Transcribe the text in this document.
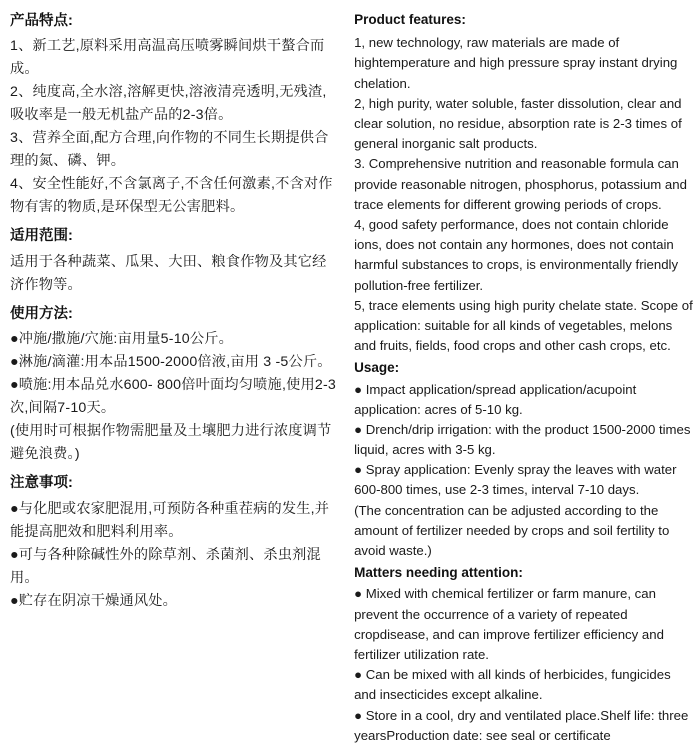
产品特点:

1、新工艺,原料采用高温高压喷雾瞬间烘干螯合而成。

2、纯度高,全水溶,溶解更快,溶液清亮透明,无残渣,吸收率是一般无机盐产品的2-3倍。

3、营养全面,配方合理,向作物的不同生长期提供合理的氮、磷、钾。

4、安全性能好,不含氯离子,不含任何激素,不含对作物有害的物质,是环保型无公害肥料。

适用范围:

适用于各种蔬菜、瓜果、大田、粮食作物及其它经济作物等。

使用方法:

●冲施/撒施/穴施:亩用量5-10公斤。

●淋施/滴灌:用本品1500-2000倍液,亩用 3 -5公斤。

●喷施:用本品兑水600- 800倍叶面均匀喷施,使用2-3次,间隔7-10天。

(使用时可根据作物需肥量及土壤肥力进行浓度调节避免浪费。)

注意事项:

●与化肥或农家肥混用,可预防各种重茬病的发生,并能提高肥效和肥料利用率。

●可与各种除碱性外的除草剂、杀菌剂、杀虫剂混用。

●贮存在阴凉干燥通风处。

Product features:

1, new technology, raw materials are made of hightemperature and high pressure spray instant drying chelation.

2, high purity, water soluble, faster dissolution, clear and clear solution, no residue, absorption rate is 2-3 times of general inorganic salt products.

3. Comprehensive nutrition and reasonable formula can provide reasonable nitrogen, phosphorus, potassium and trace elements for different growing periods of crops.

4, good safety performance, does not contain chloride ions, does not contain any hormones, does not contain harmful substances to crops, is environmentally friendly pollution-free fertilizer.

5, trace elements using high purity chelate state. Scope of application: suitable for all kinds of vegetables, melons and fruits, fields, food crops and other cash crops, etc.

Usage:

● Impact application/spread application/acupoint application: acres of 5-10 kg.

● Drench/drip irrigation: with the product 1500-2000 times liquid, acres with 3-5 kg.

● Spray application: Evenly spray the leaves with water 600-800 times, use 2-3 times, interval 7-10 days.

(The concentration can be adjusted according to the amount of fertilizer needed by crops and soil fertility to avoid waste.)

Matters needing attention:

● Mixed with chemical fertilizer or farm manure, can prevent the occurrence of a variety of repeated cropdisease, and can improve fertilizer efficiency and fertilizer utilization rate.

● Can be mixed with all kinds of herbicides, fungicides and insecticides except alkaline.

● Store in a cool, dry and ventilated place.Shelf life: three yearsProduction date: see seal or certificate
